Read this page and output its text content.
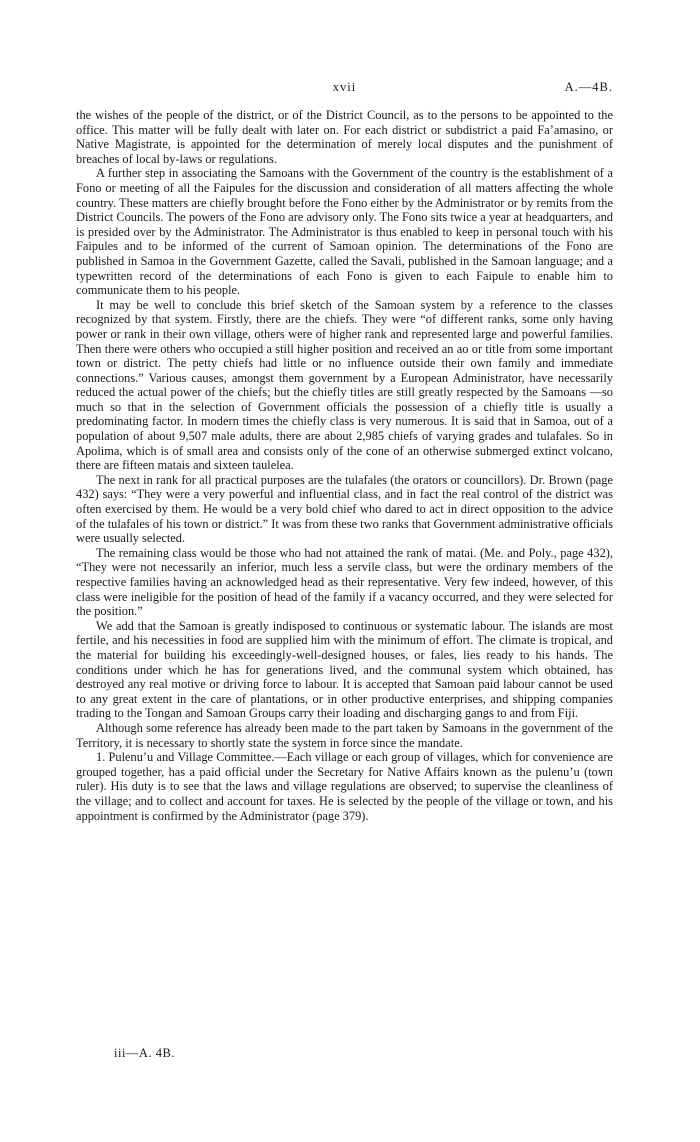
xvii	A.—4B.

the wishes of the people of the district, or of the District Council, as to the persons to be appointed to the office. This matter will be fully dealt with later on. For each district or subdistrict a paid Fa’amasino, or Native Magistrate, is appointed for the determination of merely local disputes and the punishment of breaches of local by-laws or regulations.

A further step in associating the Samoans with the Government of the country is the establishment of a Fono or meeting of all the Faipules for the discussion and consideration of all matters affecting the whole country. These matters are chiefly brought before the Fono either by the Administrator or by remits from the District Councils. The powers of the Fono are advisory only. The Fono sits twice a year at headquarters, and is presided over by the Administrator. The Administrator is thus enabled to keep in personal touch with his Faipules and to be informed of the current of Samoan opinion. The determinations of the Fono are published in Samoa in the Government Gazette, called the Savali, published in the Samoan language; and a typewritten record of the determinations of each Fono is given to each Faipule to enable him to communicate them to his people.

It may be well to conclude this brief sketch of the Samoan system by a reference to the classes recognized by that system. Firstly, there are the chiefs. They were “of different ranks, some only having power or rank in their own village, others were of higher rank and represented large and powerful families. Then there were others who occupied a still higher position and received an ao or title from some important town or district. The petty chiefs had little or no influence outside their own family and immediate connections.” Various causes, amongst them government by a European Administrator, have necessarily reduced the actual power of the chiefs; but the chiefly titles are still greatly respected by the Samoans —so much so that in the selection of Government officials the possession of a chiefly title is usually a predominating factor. In modern times the chiefly class is very numerous. It is said that in Samoa, out of a population of about 9,507 male adults, there are about 2,985 chiefs of varying grades and tulafales. So in Apolima, which is of small area and consists only of the cone of an otherwise submerged extinct volcano, there are fifteen matais and sixteen taulelea.

The next in rank for all practical purposes are the tulafales (the orators or councillors). Dr. Brown (page 432) says: “They were a very powerful and influential class, and in fact the real control of the district was often exercised by them. He would be a very bold chief who dared to act in direct opposition to the advice of the tulafales of his town or district.” It was from these two ranks that Government administrative officials were usually selected.

The remaining class would be those who had not attained the rank of matai. (Me. and Poly., page 432), “They were not necessarily an inferior, much less a servile class, but were the ordinary members of the respective families having an acknowledged head as their representative. Very few indeed, however, of this class were ineligible for the position of head of the family if a vacancy occurred, and they were selected for the position.”

We add that the Samoan is greatly indisposed to continuous or systematic labour. The islands are most fertile, and his necessities in food are supplied him with the minimum of effort. The climate is tropical, and the material for building his exceedingly-well-designed houses, or fales, lies ready to his hands. The conditions under which he has for generations lived, and the communal system which obtained, has destroyed any real motive or driving force to labour. It is accepted that Samoan paid labour cannot be used to any great extent in the care of plantations, or in other productive enterprises, and shipping companies trading to the Tongan and Samoan Groups carry their loading and discharging gangs to and from Fiji.

Although some reference has already been made to the part taken by Samoans in the government of the Territory, it is necessary to shortly state the system in force since the mandate.

1. Pulenu’u and Village Committee.—Each village or each group of villages, which for convenience are grouped together, has a paid official under the Secretary for Native Affairs known as the pulenu’u (town ruler). His duty is to see that the laws and village regulations are observed; to supervise the cleanliness of the village; and to collect and account for taxes. He is selected by the people of the village or town, and his appointment is confirmed by the Administrator (page 379).

iii—A. 4B.
